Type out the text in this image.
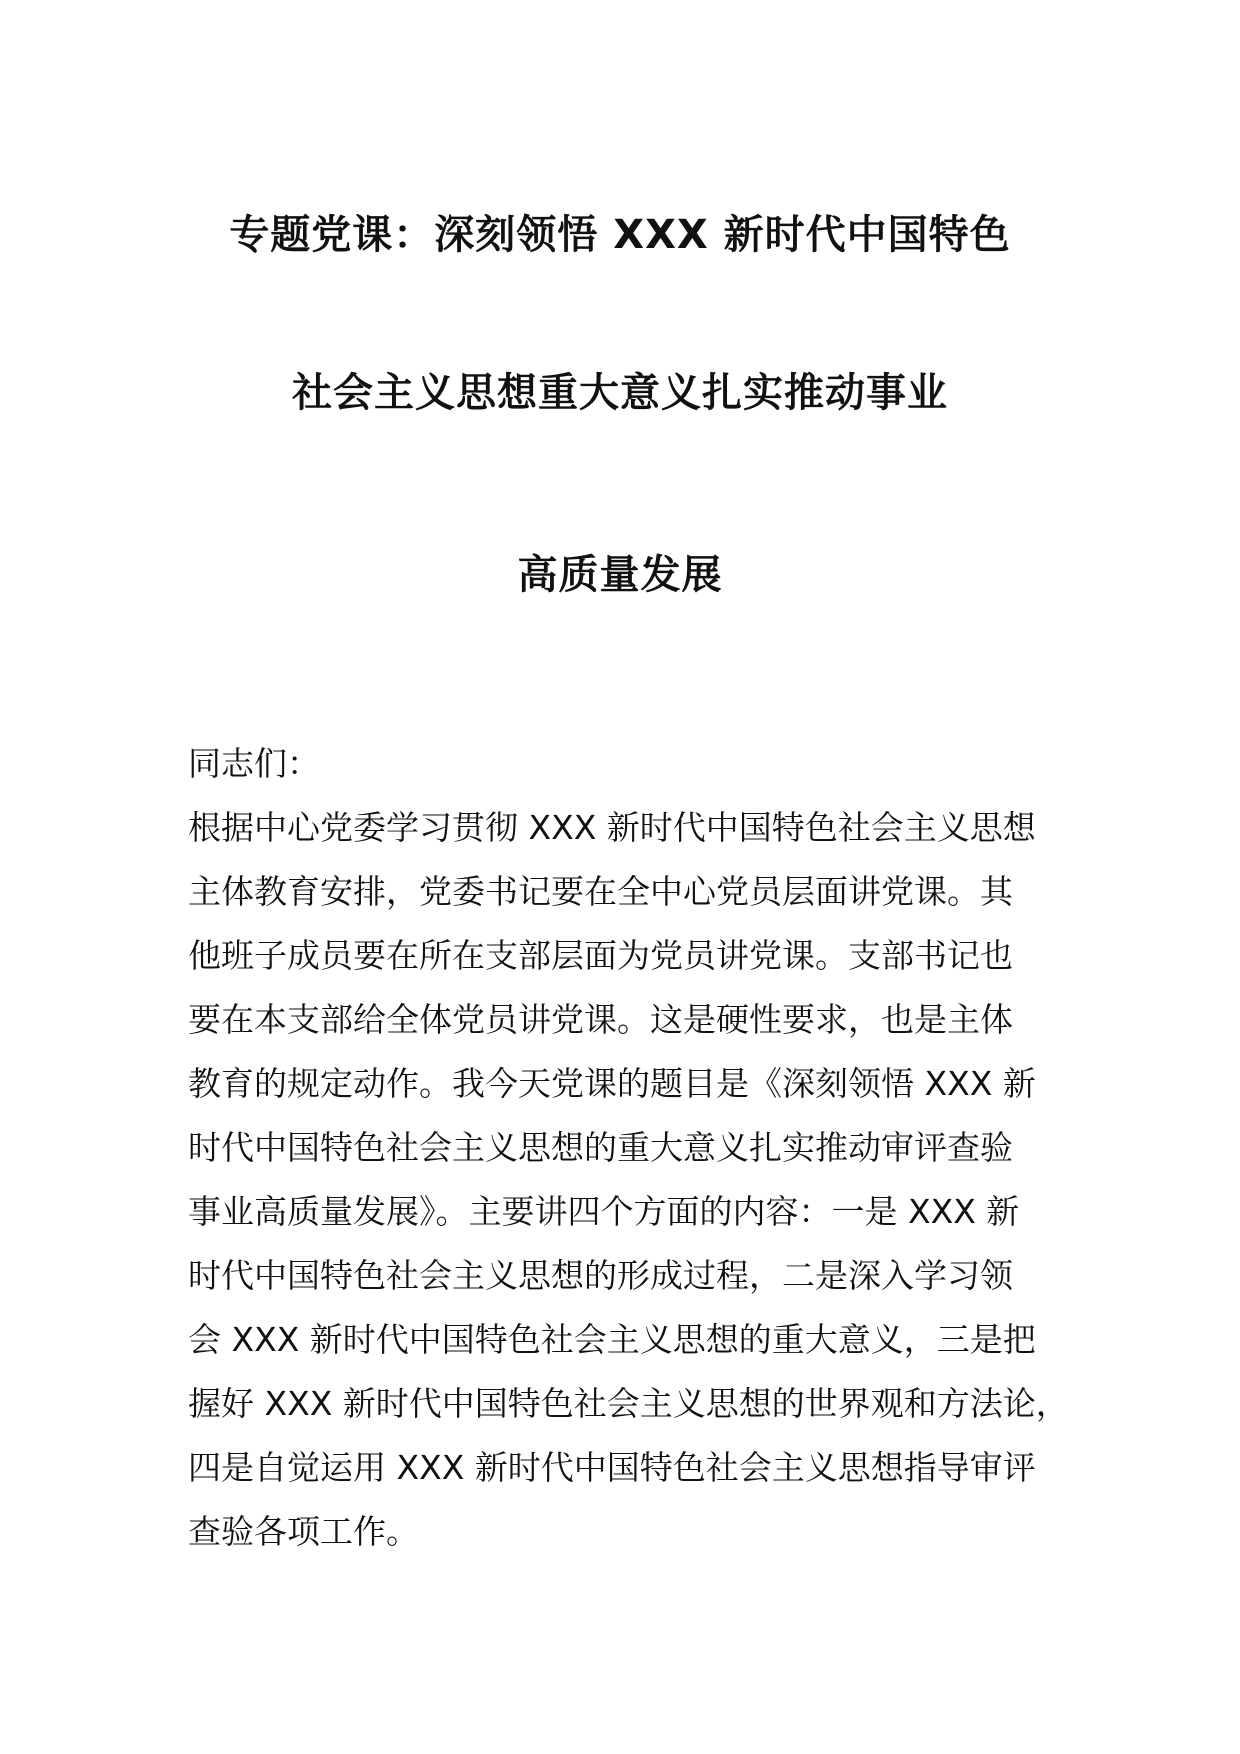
专题党课：深刻领悟 XXX 新时代中国特色
社会主义思想重大意义扎实推动事业
高质量发展
同志们：
根据中心党委学习贯彻 XXX 新时代中国特色社会主义思想
主体教育安排，党委书记要在全中心党员层面讲党课。其
他班子成员要在所在支部层面为党员讲党课。支部书记也
要在本支部给全体党员讲党课。这是硬性要求，也是主体
教育的规定动作。我今天党课的题目是《深刻领悟 XXX 新
时代中国特色社会主义思想的重大意义扎实推动审评查验
事业高质量发展》。主要讲四个方面的内容：一是 XXX 新
时代中国特色社会主义思想的形成过程，二是深入学习领
会 XXX 新时代中国特色社会主义思想的重大意义，三是把
握好 XXX 新时代中国特色社会主义思想的世界观和方法论，
四是自觉运用 XXX 新时代中国特色社会主义思想指导审评
查验各项工作。
